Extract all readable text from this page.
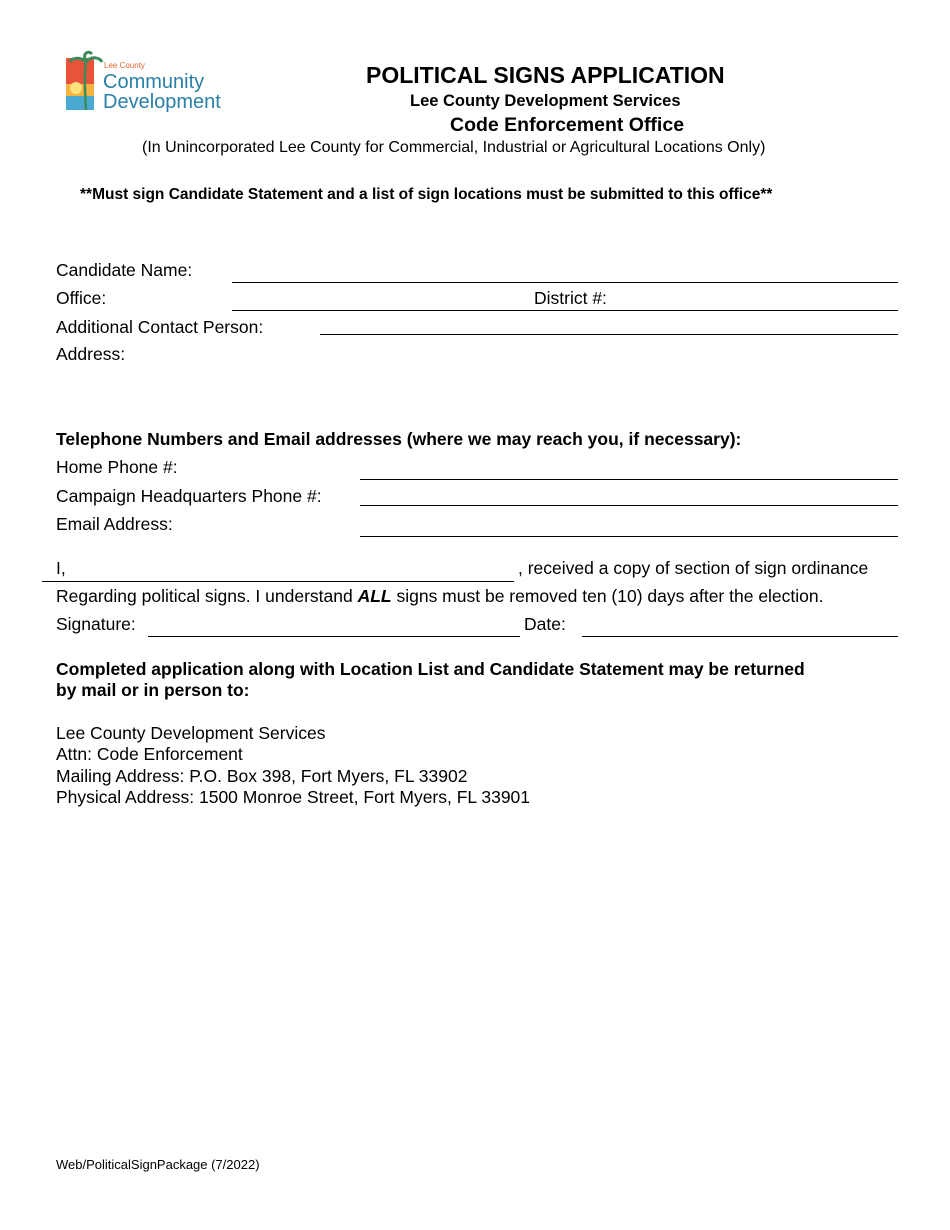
Lee County
Community
Development
POLITICAL SIGNS APPLICATION
Lee County Development Services
Code Enforcement Office
(In Unincorporated Lee County for Commercial, Industrial or Agricultural Locations Only)
**Must sign Candidate Statement and a list of sign locations must be submitted to this office**
Candidate Name:
Office:	District #:
Additional Contact Person:
Address:
Telephone Numbers and Email addresses (where we may reach you, if necessary):
Home Phone #:
Campaign Headquarters Phone #:
Email Address:
I,	, received a copy of section of sign ordinance
Regarding political signs. I understand ALL signs must be removed ten (10) days after the election.
Signature:	Date:
Completed application along with Location List and Candidate Statement may be returned
by mail or in person to:
Lee County Development Services
Attn: Code Enforcement
Mailing Address: P.O. Box 398, Fort Myers, FL 33902
Physical Address: 1500 Monroe Street, Fort Myers, FL 33901
Web/PoliticalSignPackage (7/2022)
